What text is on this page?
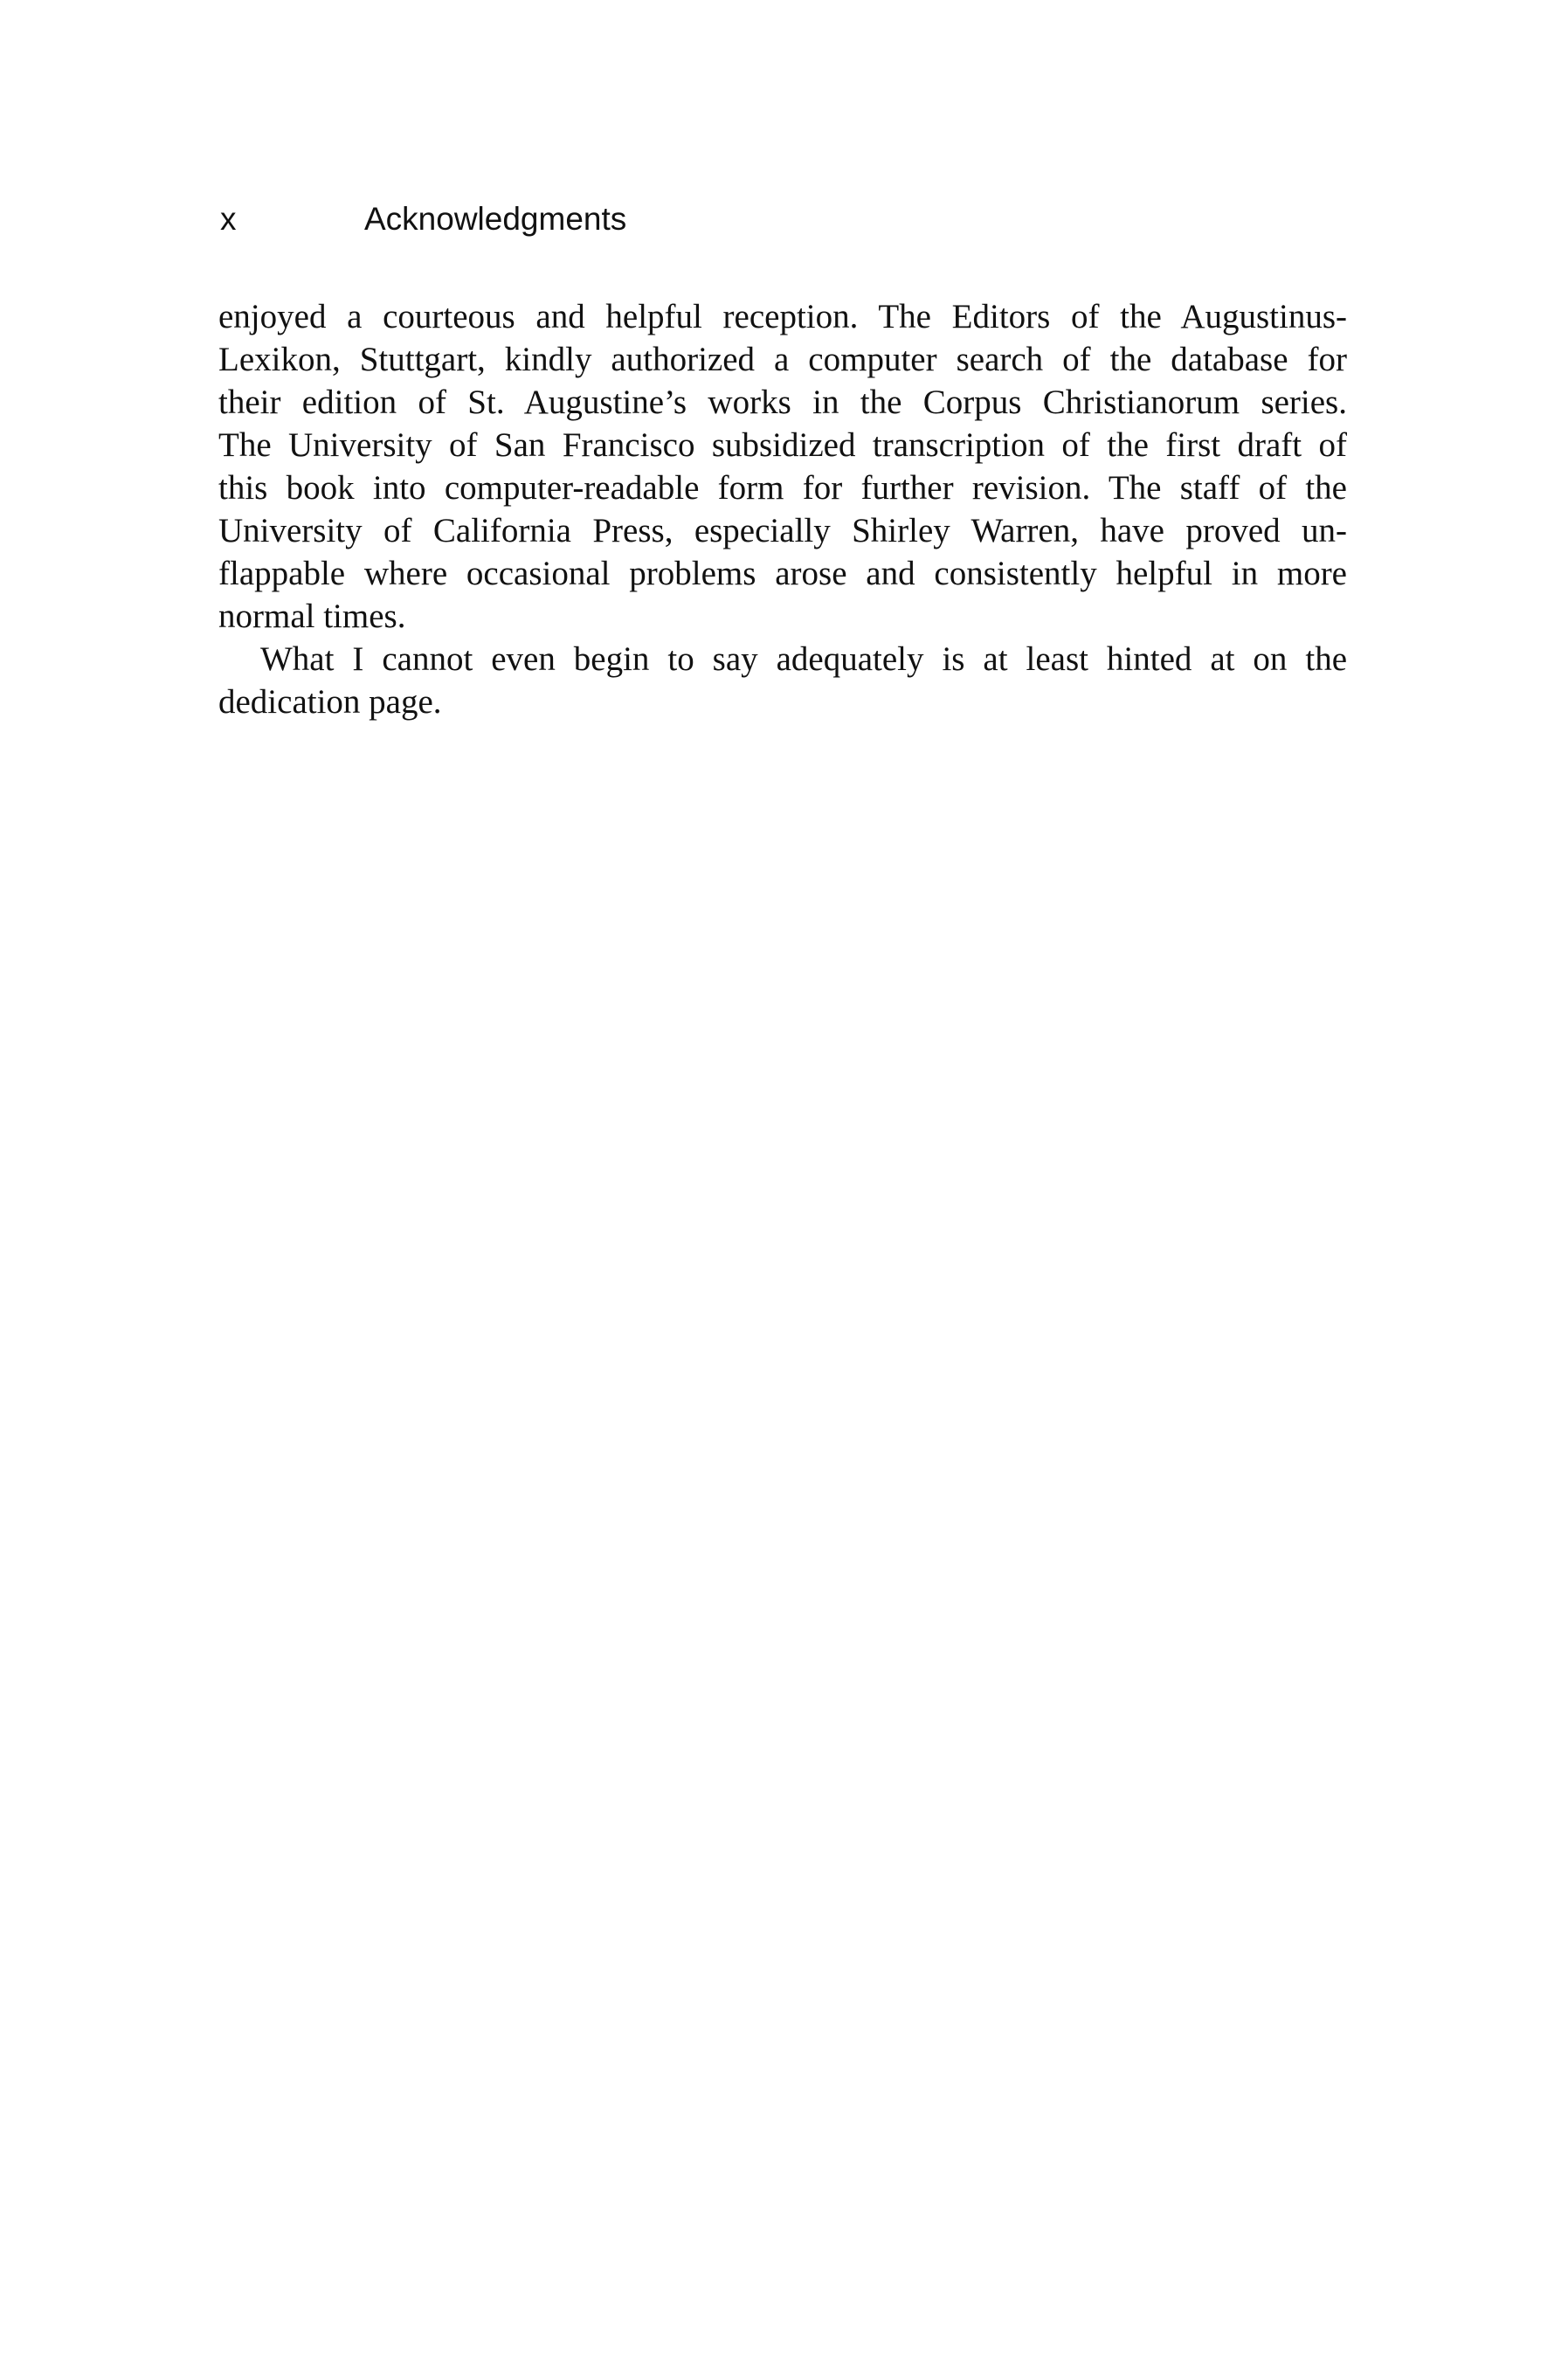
x	Acknowledgments
enjoyed a courteous and helpful reception. The Editors of the Augustinus-
Lexikon, Stuttgart, kindly authorized a computer search of the database for
their edition of St. Augustine’s works in the Corpus Christianorum series.
The University of San Francisco subsidized transcription of the first draft of
this book into computer-readable form for further revision. The staff of the
University of California Press, especially Shirley Warren, have proved un-
flappable where occasional problems arose and consistently helpful in more
normal times.
What I cannot even begin to say adequately is at least hinted at on the
dedication page.
